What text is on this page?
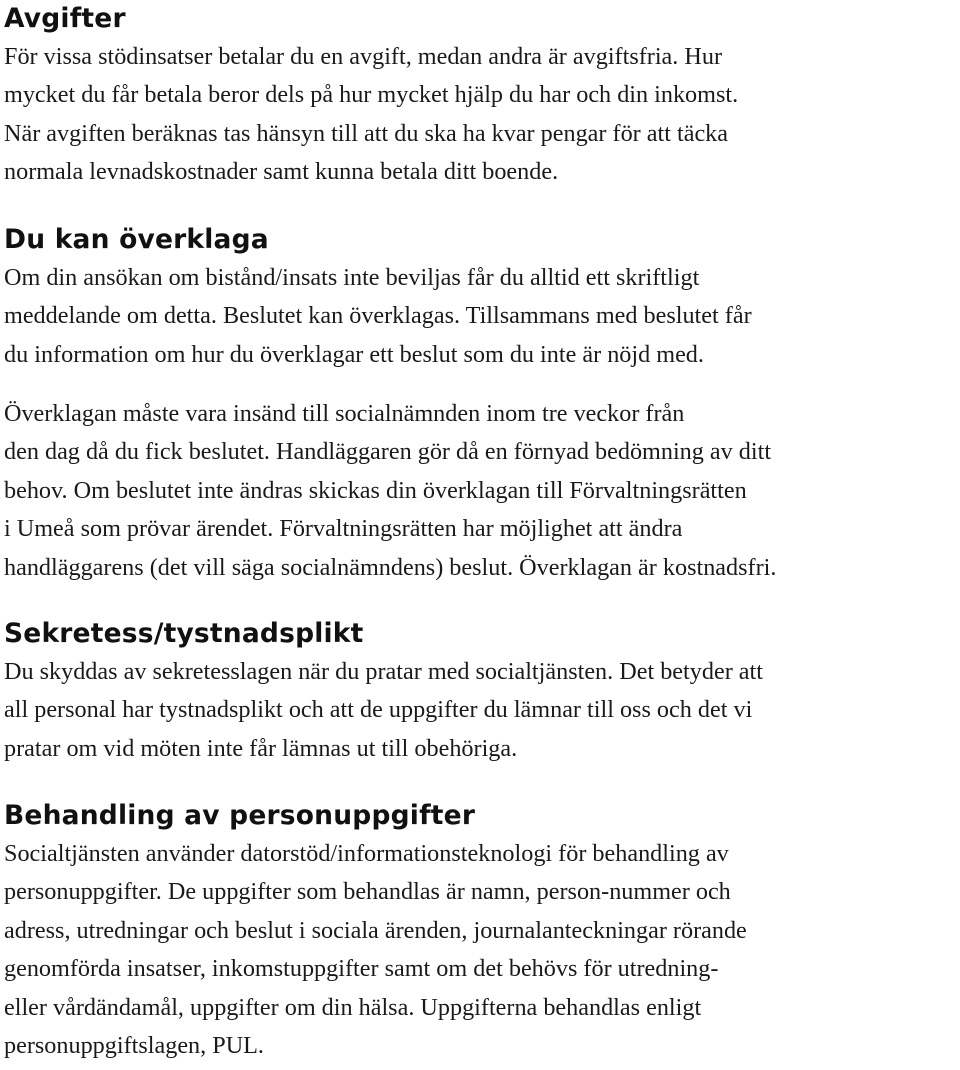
Avgifter

För vissa stödinsatser betalar du en avgift, medan andra är avgiftsfria. Hur
mycket du får betala beror dels på hur mycket hjälp du har och din inkomst.
När avgiften beräknas tas hänsyn till att du ska ha kvar pengar för att täcka
normala levnadskostnader samt kunna betala ditt boende.

Du kan överklaga

Om din ansökan om bistånd/insats inte beviljas får du alltid ett skriftligt
meddelande om detta. Beslutet kan överklagas. Tillsammans med beslutet får
du information om hur du överklagar ett beslut som du inte är nöjd med.

Överklagan måste vara insänd till socialnämnden inom tre veckor från
den dag då du fick beslutet. Handläggaren gör då en förnyad bedömning av ditt
behov. Om beslutet inte ändras skickas din överklagan till Förvaltningsrätten
i Umeå som prövar ärendet. Förvaltningsrätten har möjlighet att ändra
handläggarens (det vill säga socialnämndens) beslut. Överklagan är kostnadsfri.

Sekretess/tystnadsplikt

Du skyddas av sekretesslagen när du pratar med socialtjänsten. Det betyder att
all personal har tystnadsplikt och att de uppgifter du lämnar till oss och det vi
pratar om vid möten inte får lämnas ut till obehöriga.

Behandling av personuppgifter

Socialtjänsten använder datorstöd/informationsteknologi för behandling av
personuppgifter. De uppgifter som behandlas är namn, person-nummer och
adress, utredningar och beslut i sociala ärenden, journalanteckningar rörande
genomförda insatser, inkomstuppgifter samt om det behövs för utredning-
eller vårdändamål, uppgifter om din hälsa. Uppgifterna behandlas enligt
personuppgiftslagen, PUL.
